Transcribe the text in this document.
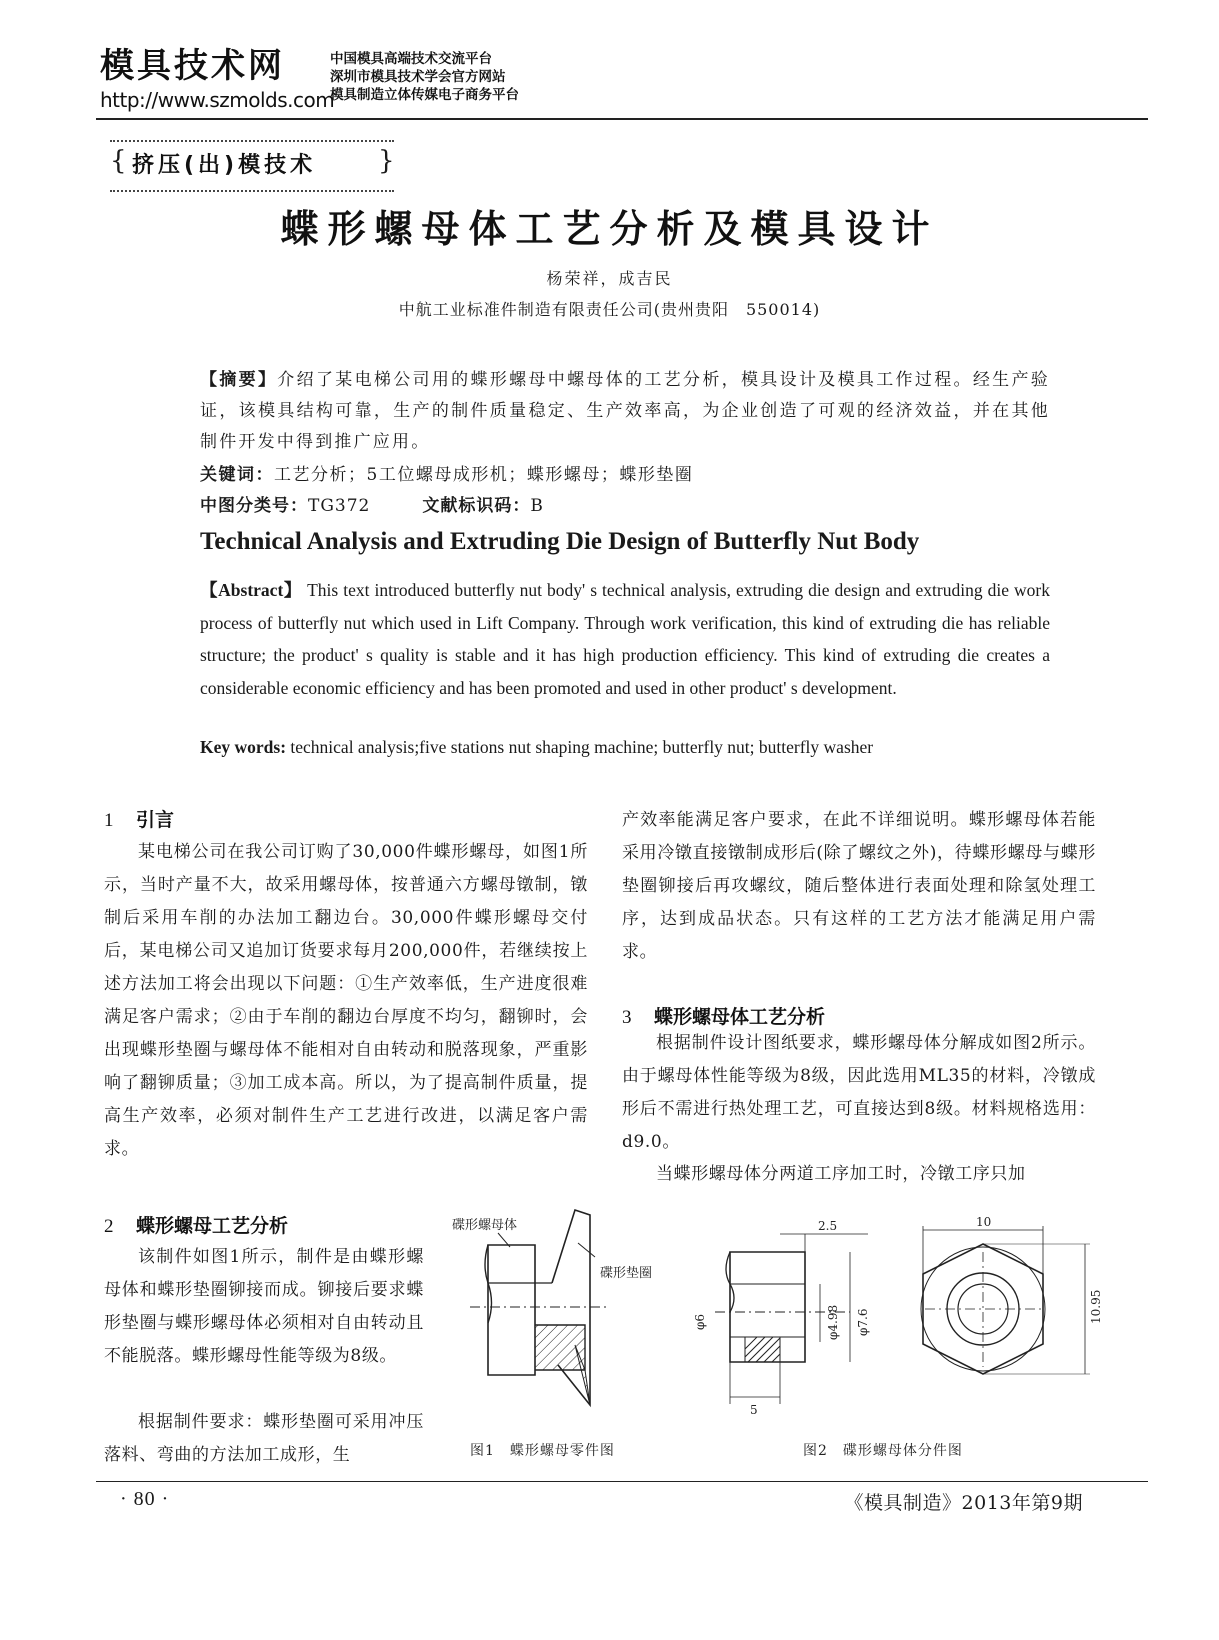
模具技术网
http://www.szmolds.com
中国模具高端技术交流平台
深圳市模具技术学会官方网站
模具制造立体传媒电子商务平台
{	}
挤压(出)模技术
蝶形螺母体工艺分析及模具设计
杨荣祥，成吉民
中航工业标准件制造有限责任公司(贵州贵阳　550014)
【摘要】介绍了某电梯公司用的蝶形螺母中螺母体的工艺分析，模具设计及模具工作过程。经生产验证，该模具结构可靠，生产的制件质量稳定、生产效率高，为企业创造了可观的经济效益，并在其他制件开发中得到推广应用。
关键词：工艺分析；5工位螺母成形机；蝶形螺母；蝶形垫圈
中图分类号：TG372	文献标识码：B
Technical Analysis and Extruding Die Design of Butterfly Nut Body
【Abstract】 This text introduced butterfly nut body' s technical analysis, extruding die design and extruding die work process of butterfly nut which used in Lift Company. Through work verification, this kind of extruding die has reliable structure; the product' s quality is stable and it has high production efficiency. This kind of extruding die creates a considerable economic efficiency and has been promoted and used in other product' s development.
Key words: technical analysis;five stations nut shaping machine; butterfly nut; butterfly washer
1 引言
某电梯公司在我公司订购了30,000件蝶形螺母，如图1所示，当时产量不大，故采用螺母体，按普通六方螺母镦制，镦制后采用车削的办法加工翻边台。30,000件蝶形螺母交付后，某电梯公司又追加订货要求每月200,000件，若继续按上述方法加工将会出现以下问题：①生产效率低，生产进度很难满足客户需求；②由于车削的翻边台厚度不均匀，翻铆时，会出现蝶形垫圈与螺母体不能相对自由转动和脱落现象，严重影响了翻铆质量；③加工成本高。所以，为了提高制件质量，提高生产效率，必须对制件生产工艺进行改进，以满足客户需求。
2 蝶形螺母工艺分析
该制件如图1所示，制件是由蝶形螺母体和蝶形垫圈铆接而成。铆接后要求蝶形垫圈与蝶形螺母体必须相对自由转动且不能脱落。蝶形螺母性能等级为8级。
根据制件要求：蝶形垫圈可采用冲压落料、弯曲的方法加工成形，生
产效率能满足客户要求，在此不详细说明。蝶形螺母体若能采用冷镦直接镦制成形后(除了螺纹之外)，待蝶形螺母与蝶形垫圈铆接后再攻螺纹，随后整体进行表面处理和除氢处理工序，达到成品状态。只有这样的工艺方法才能满足用户需求。
3 蝶形螺母体工艺分析
根据制件设计图纸要求，蝶形螺母体分解成如图2所示。由于螺母体性能等级为8级，因此选用ML35的材料，冷镦成形后不需进行热处理工艺，可直接达到8级。材料规格选用：d9.0。
当蝶形螺母体分两道工序加工时，冷镦工序只加
碟形螺母体
碟形垫圈
图1　蝶形螺母零件图
2.5
5
φ6	φ4.98 φ7.6
10
10.95
图2　碟形螺母体分件图
· 80 ·	《模具制造》2013年第9期
